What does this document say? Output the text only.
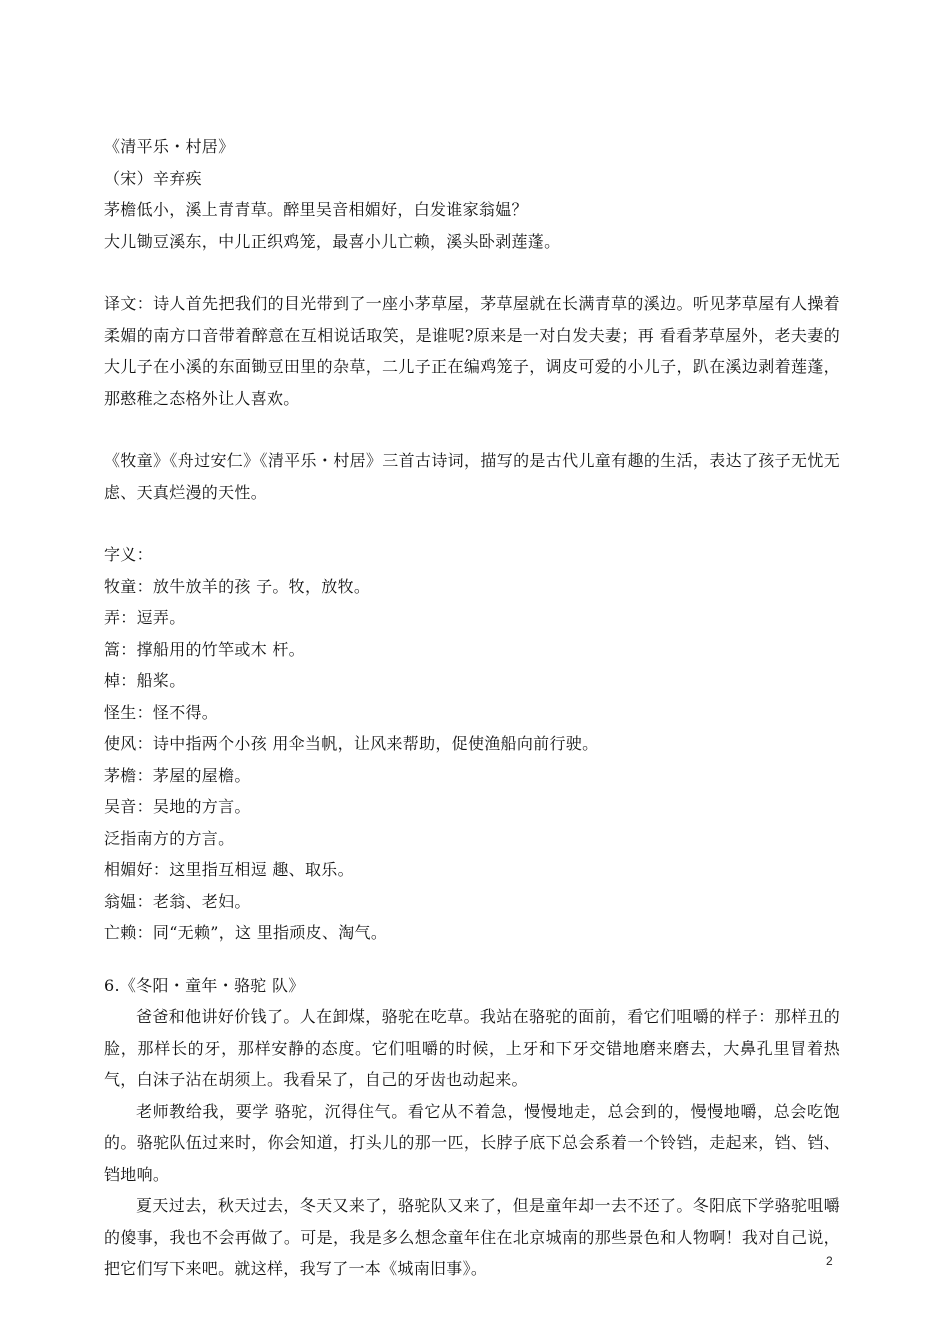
《清平乐・村居》

（宋）辛弃疾

茅檐低小，溪上青青草。醉里吴音相媚好，白发谁家翁媪？

大儿锄豆溪东，中儿正织鸡笼，最喜小儿亡赖，溪头卧剥莲蓬。

译文：诗人首先把我们的目光带到了一座小茅草屋，茅草屋就在长满青草的溪边。听见茅草屋有人操着柔媚的南方口音带着醉意在互相说话取笑，是谁呢?原来是一对白发夫妻；再 看看茅草屋外，老夫妻的大儿子在小溪的东面锄豆田里的杂草，二儿子正在编鸡笼子，调皮可爱的小儿子，趴在溪边剥着莲蓬，那憨稚之态格外让人喜欢。

《牧童》《舟过安仁》《清平乐・村居》三首古诗词，描写的是古代儿童有趣的生活，表达了孩子无忧无虑、天真烂漫的天性。

字义：

牧童：放牛放羊的孩 子。牧，放牧。

弄：逗弄。

篙：撑船用的竹竿或木 杆。

棹：船桨。

怪生：怪不得。

使风：诗中指两个小孩 用伞当帆，让风来帮助，促使渔船向前行驶。

茅檐：茅屋的屋檐。

吴音：吴地的方言。

泛指南方的方言。

相媚好：这里指互相逗 趣、取乐。

翁媪：老翁、老妇。

亡赖：同“无赖”，这 里指顽皮、淘气。

6.《冬阳・童年・骆驼 队》

爸爸和他讲好价钱了。人在卸煤，骆驼在吃草。我站在骆驼的面前，看它们咀嚼的样子：那样丑的脸，那样长的牙，那样安静的态度。它们咀嚼的时候，上牙和下牙交错地磨来磨去，大鼻孔里冒着热气，白沫子沾在胡须上。我看呆了，自己的牙齿也动起来。

老师教给我，要学 骆驼，沉得住气。看它从不着急，慢慢地走，总会到的，慢慢地嚼，总会吃饱的。骆驼队伍过来时，你会知道，打头儿的那一匹，长脖子底下总会系着一个铃铛，走起来，铛、铛、铛地响。

夏天过去，秋天过去，冬天又来了，骆驼队又来了，但是童年却一去不还了。冬阳底下学骆驼咀嚼的傻事，我也不会再做了。可是，我是多么想念童年住在北京城南的那些景色和人物啊！我对自己说，把它们写下来吧。就这样，我写了一本《城南旧事》。	2
